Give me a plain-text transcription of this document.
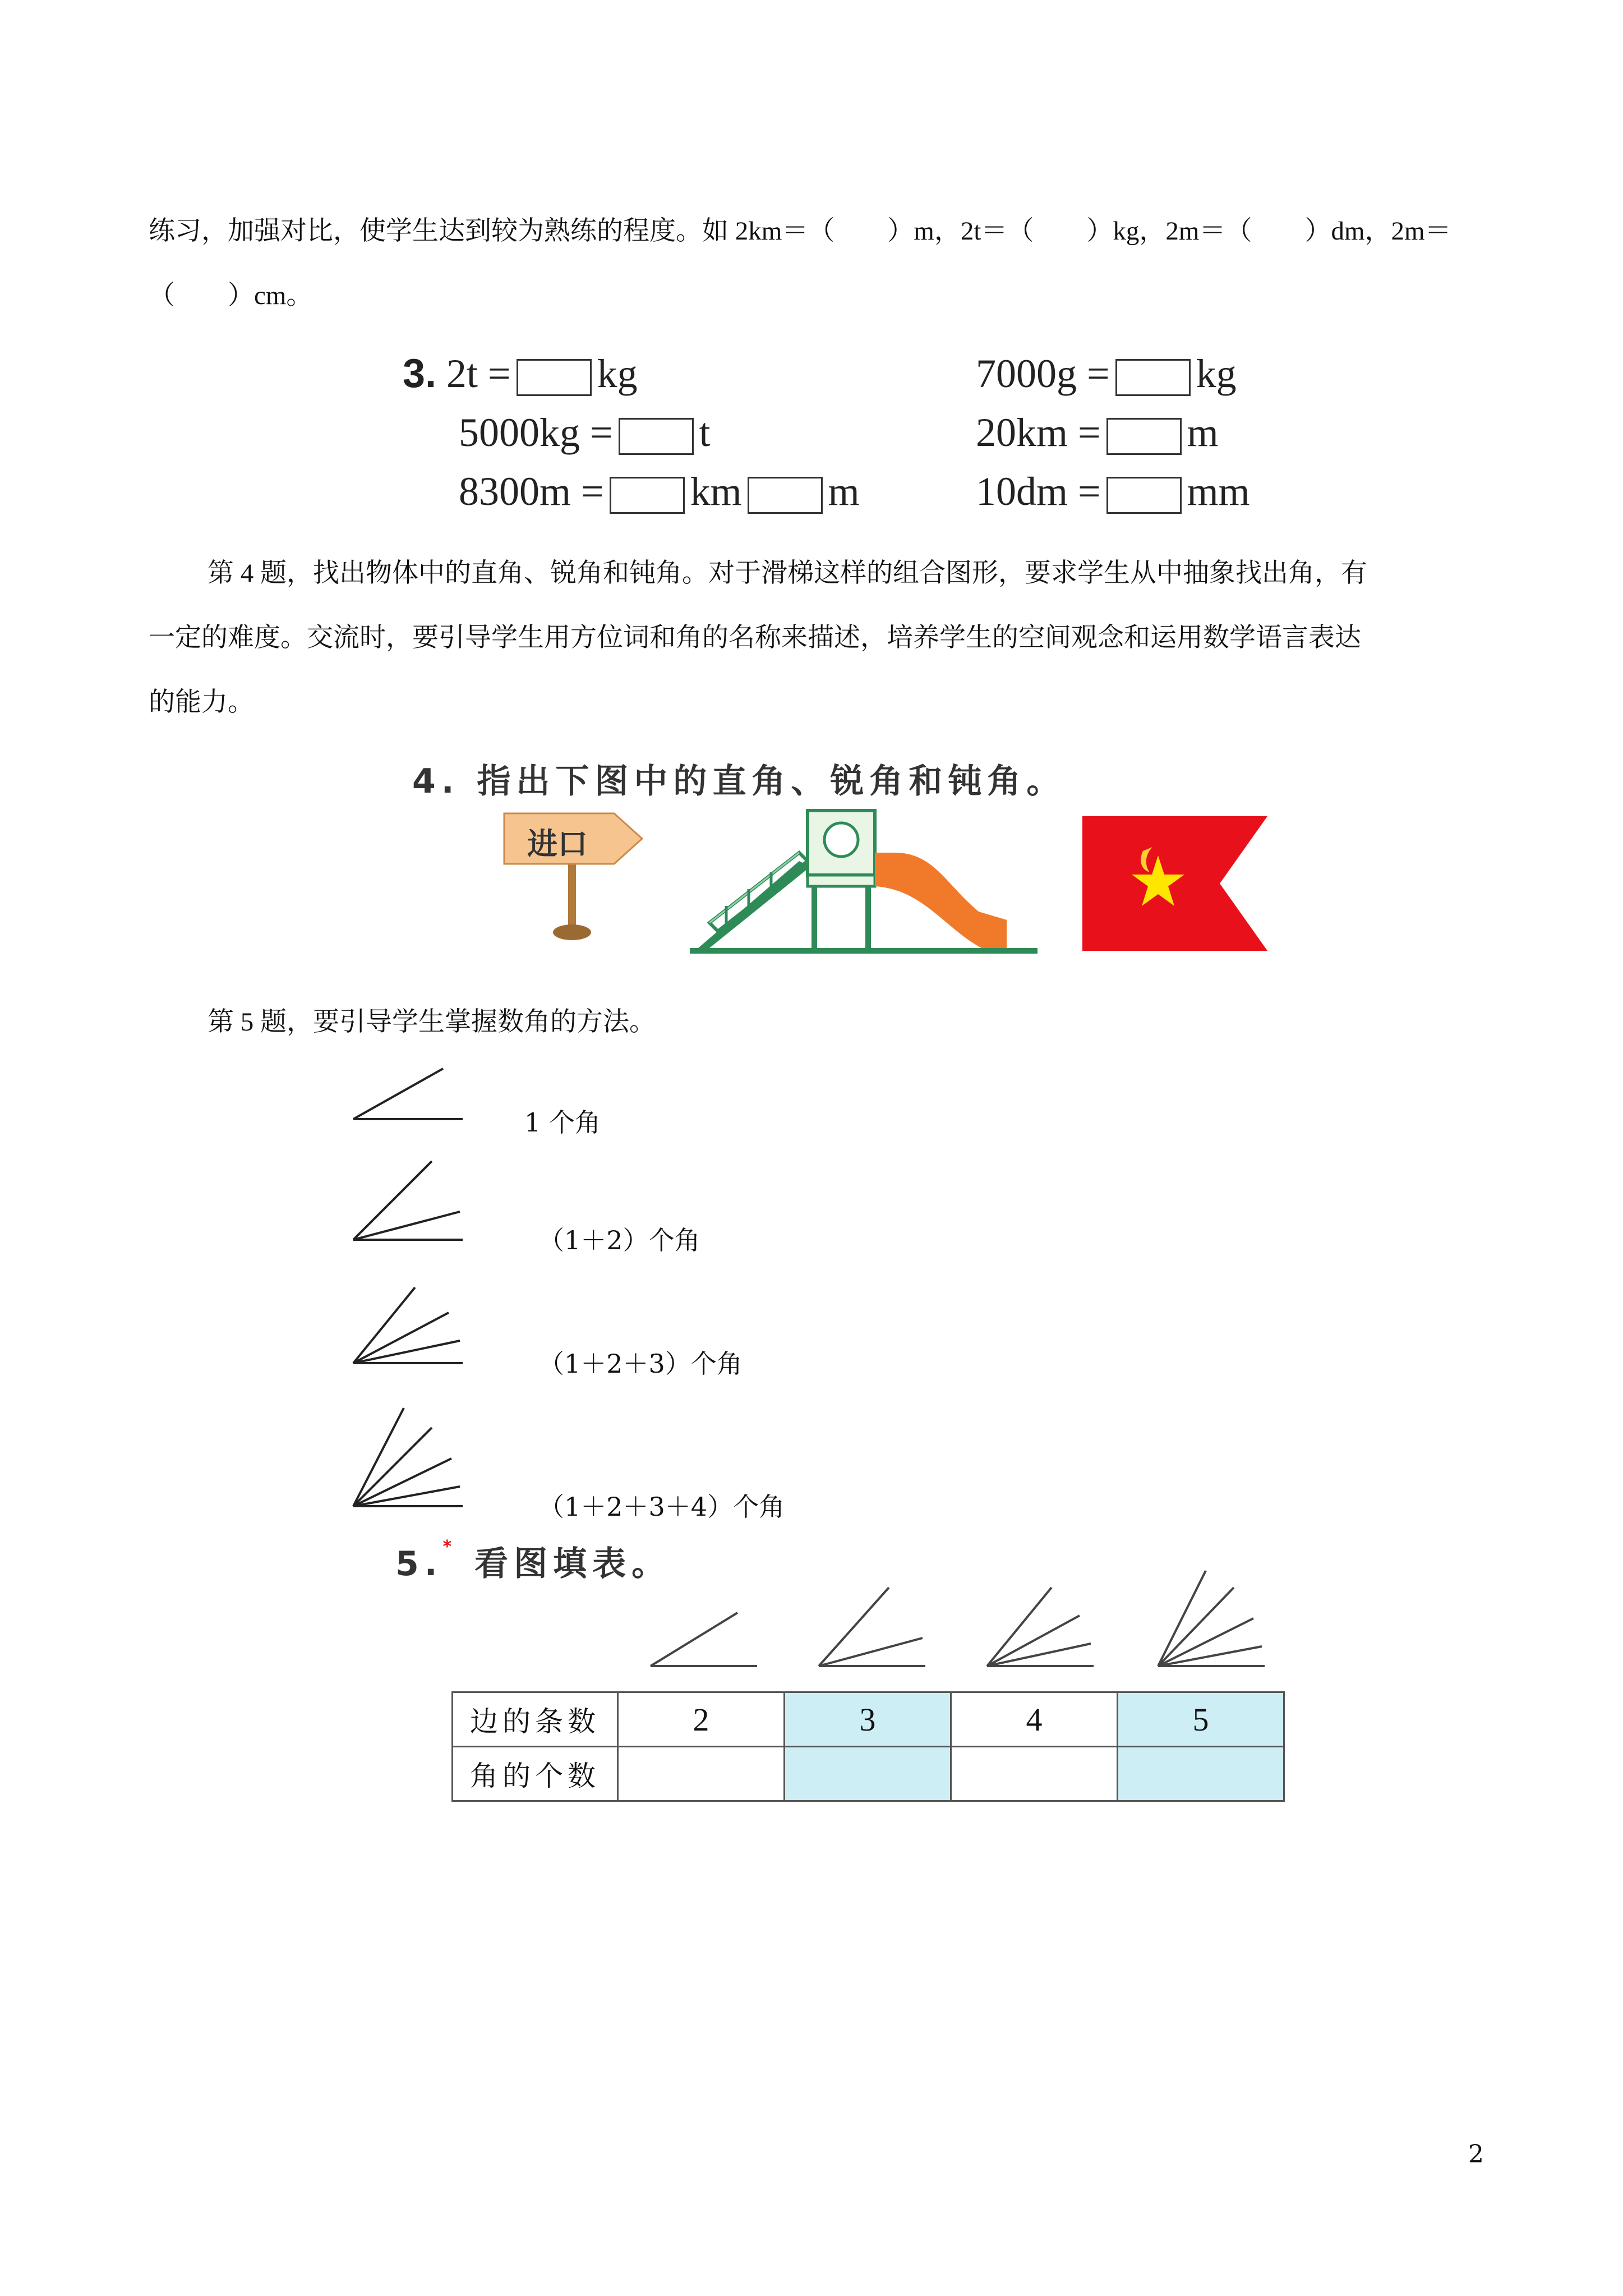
练习，加强对比，使学生达到较为熟练的程度。如 2km＝（　　）m，2t＝（　　）kg，2m＝（　　）dm，2m＝
（　　）cm。
3. 2t = kg	7000g = kg
5000kg = t	20km = m
8300m = km m	10dm = mm
第 4 题，找出物体中的直角、锐角和钝角。对于滑梯这样的组合图形，要求学生从中抽象找出角，有
一定的难度。交流时，要引导学生用方位词和角的名称来描述，培养学生的空间观念和运用数学语言表达
的能力。
4. 指出下图中的直角、锐角和钝角。
进口
第 5 题，要引导学生掌握数角的方法。
1 个角
（1＋2）个角
（1＋2＋3）个角
（1＋2＋3＋4）个角
5.* 看图填表。
边的条数	2	3	4	5
角的个数				
2
